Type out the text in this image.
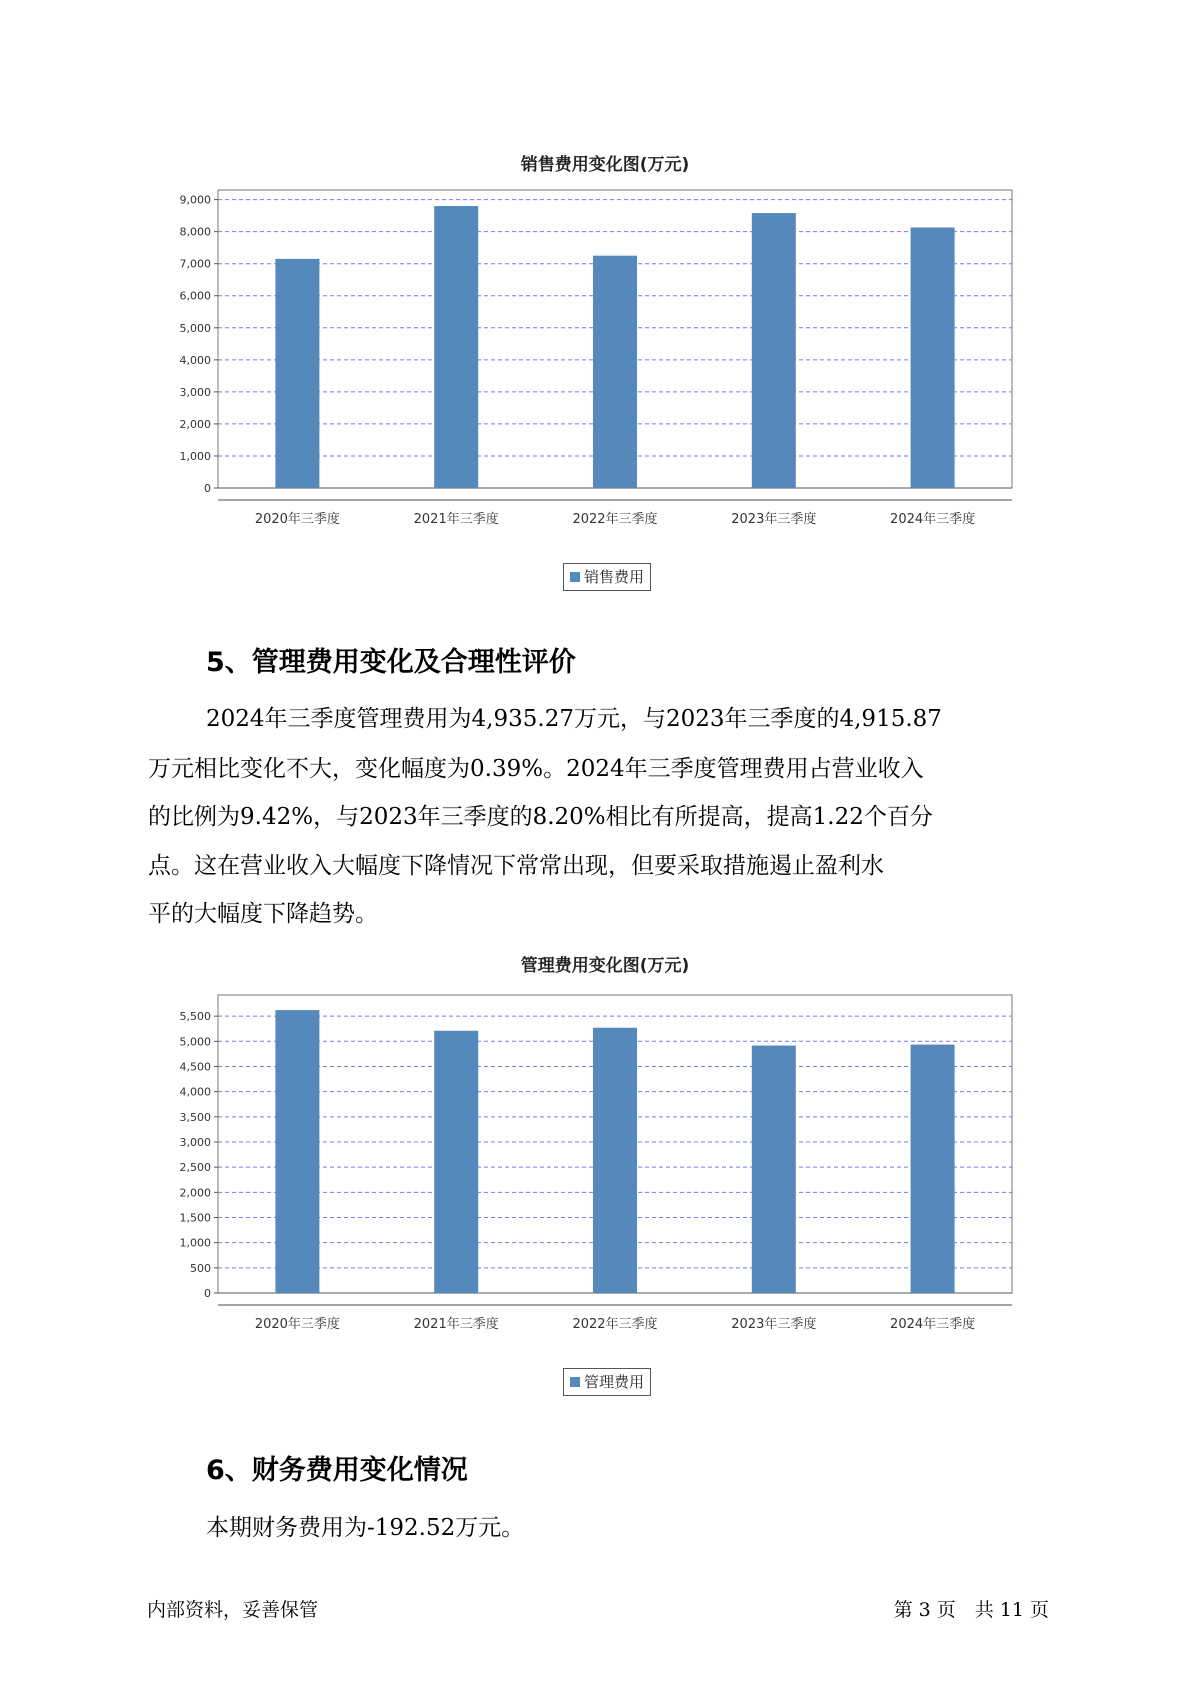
销售费用变化图(万元)
0
1,000
2,000
3,000
4,000
5,000
6,000
7,000
8,000
9,000
2020年三季度	2021年三季度	2022年三季度	2023年三季度	2024年三季度
销售费用
5、管理费用变化及合理性评价
2024年三季度管理费用为4,935.27万元，与2023年三季度的4,915.87
万元相比变化不大，变化幅度为0.39%。2024年三季度管理费用占营业收入
的比例为9.42%，与2023年三季度的8.20%相比有所提高，提高1.22个百分
点。这在营业收入大幅度下降情况下常常出现，但要采取措施遏止盈利水
平的大幅度下降趋势。
管理费用变化图(万元)
0
500
1,000
1,500
2,000
2,500
3,000
3,500
4,000
4,500
5,000
5,500
2020年三季度	2021年三季度	2022年三季度	2023年三季度	2024年三季度
管理费用
6、财务费用变化情况
本期财务费用为-192.52万元。
内部资料，妥善保管	第 3 页　共 11 页
